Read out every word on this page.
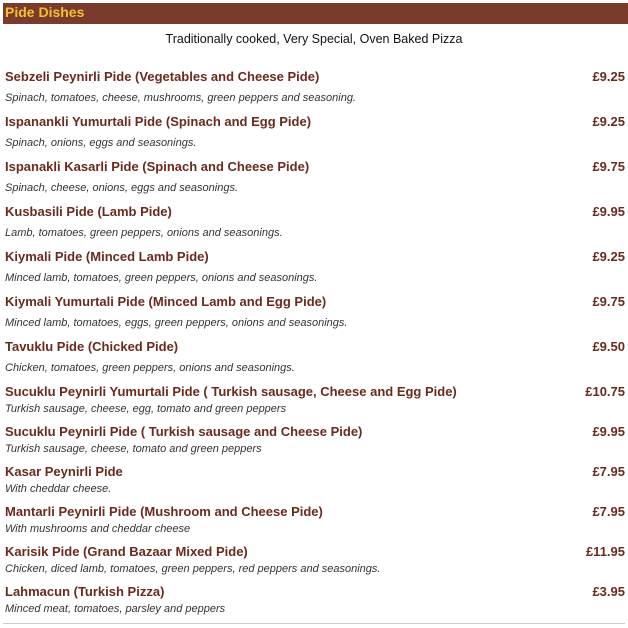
Pide Dishes
Traditionally cooked, Very Special, Oven Baked Pizza
Sebzeli Peynirli Pide (Vegetables and Cheese Pide)	£9.25
Spinach, tomatoes, cheese, mushrooms, green peppers and seasoning.
Ispanankli Yumurtali Pide (Spinach and Egg Pide)	£9.25
Spinach, onions, eggs and seasonings.
Ispanakli Kasarli Pide (Spinach and Cheese Pide)	£9.75
Spinach, cheese, onions, eggs and seasonings.
Kusbasili Pide (Lamb Pide)	£9.95
Lamb, tomatoes, green peppers, onions and seasonings.
Kiymali Pide (Minced Lamb Pide)	£9.25
Minced lamb, tomatoes, green peppers, onions and seasonings.
Kiymali Yumurtali Pide (Minced Lamb and Egg Pide)	£9.75
Minced lamb, tomatoes, eggs, green peppers, onions and seasonings.
Tavuklu Pide (Chicked Pide)	£9.50
Chicken, tomatoes, green peppers, onions and seasonings.
Sucuklu Peynirli Yumurtali Pide ( Turkish sausage, Cheese and Egg Pide)	£10.75
Turkish sausage, cheese, egg, tomato and green peppers
Sucuklu Peynirli Pide ( Turkish sausage and Cheese Pide)	£9.95
Turkish sausage, cheese, tomato and green peppers
Kasar Peynirli Pide	£7.95
With cheddar cheese.
Mantarli Peynirli Pide (Mushroom and Cheese Pide)	£7.95
With mushrooms and cheddar cheese
Karisik Pide (Grand Bazaar Mixed Pide)	£11.95
Chicken, diced lamb, tomatoes, green peppers, red peppers and seasonings.
Lahmacun (Turkish Pizza)	£3.95
Minced meat, tomatoes, parsley and peppers
